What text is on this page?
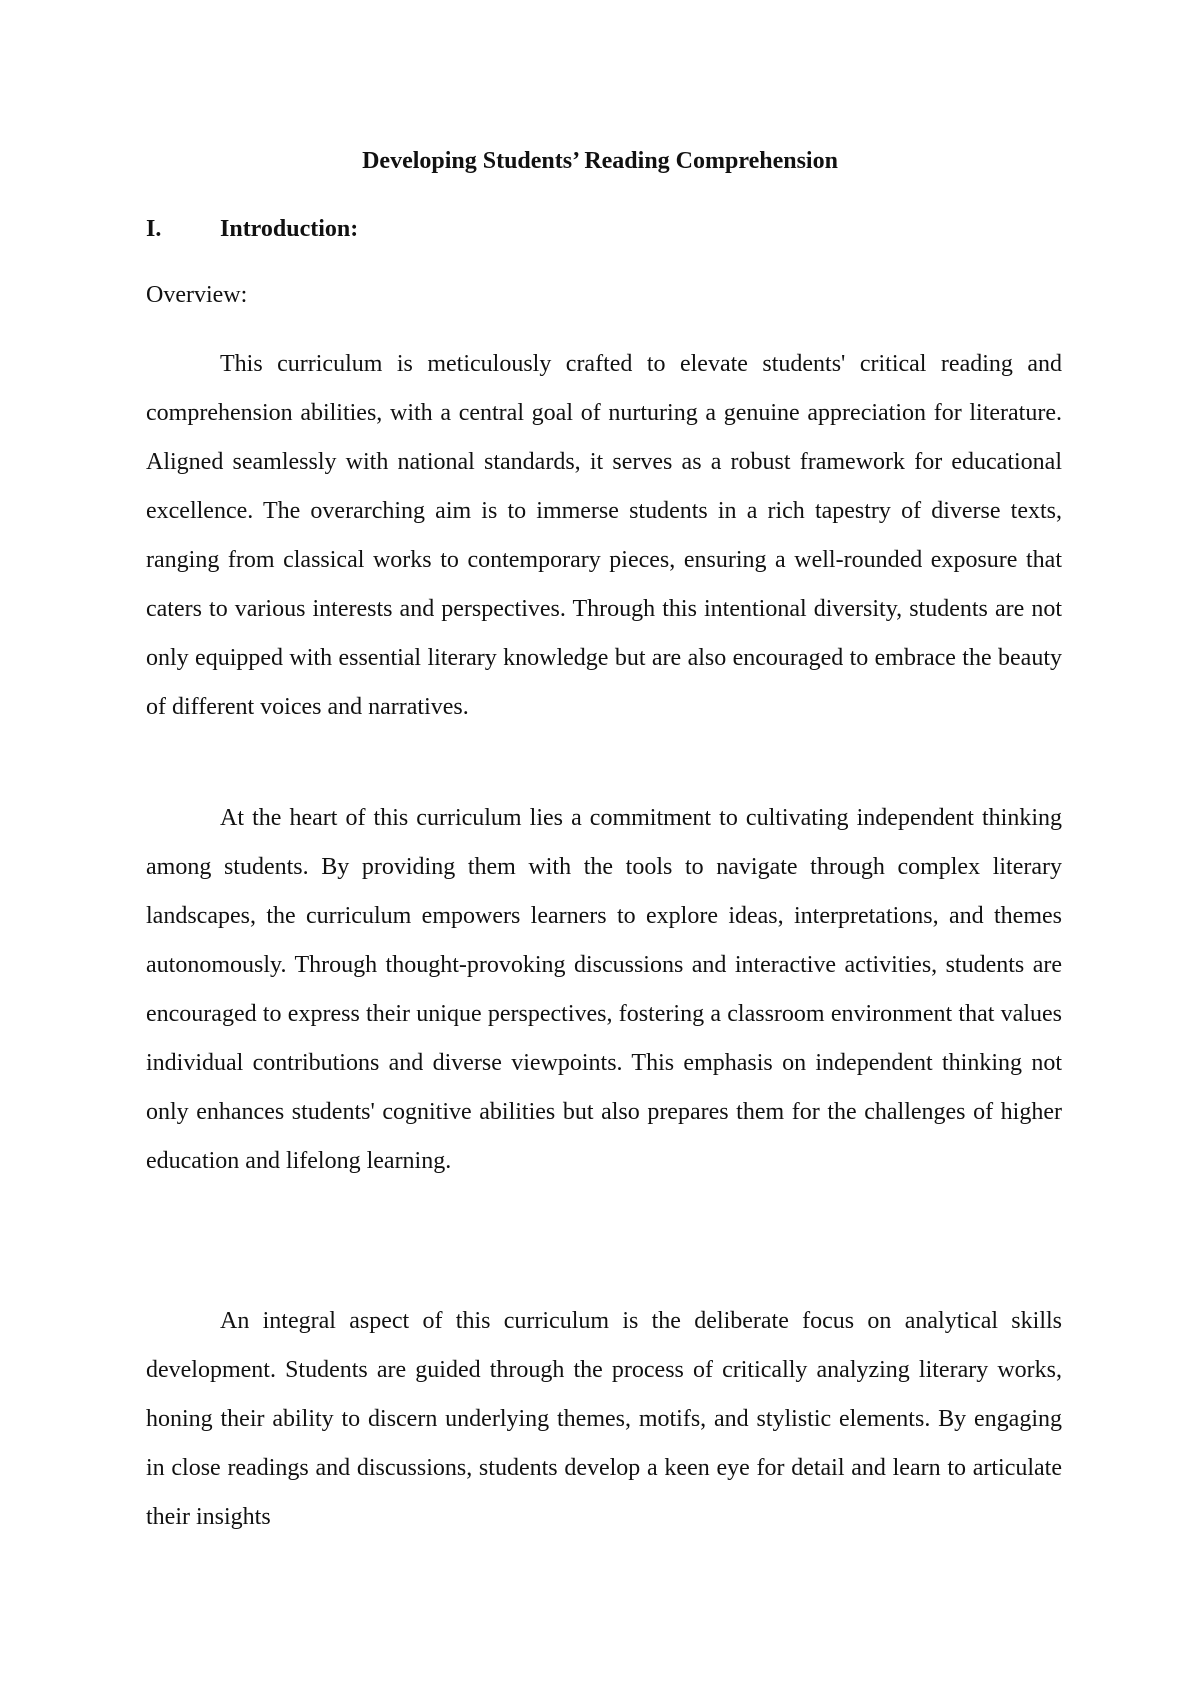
Developing Students’ Reading Comprehension
I.	Introduction:
Overview:

This curriculum is meticulously crafted to elevate students' critical reading and comprehension abilities, with a central goal of nurturing a genuine appreciation for literature. Aligned seamlessly with national standards, it serves as a robust framework for educational excellence. The overarching aim is to immerse students in a rich tapestry of diverse texts, ranging from classical works to contemporary pieces, ensuring a well-rounded exposure that caters to various interests and perspectives. Through this intentional diversity, students are not only equipped with essential literary knowledge but are also encouraged to embrace the beauty of different voices and narratives.

At the heart of this curriculum lies a commitment to cultivating independent thinking among students. By providing them with the tools to navigate through complex literary landscapes, the curriculum empowers learners to explore ideas, interpretations, and themes autonomously. Through thought-provoking discussions and interactive activities, students are encouraged to express their unique perspectives, fostering a classroom environment that values individual contributions and diverse viewpoints. This emphasis on independent thinking not only enhances students' cognitive abilities but also prepares them for the challenges of higher education and lifelong learning.

An integral aspect of this curriculum is the deliberate focus on analytical skills development. Students are guided through the process of critically analyzing literary works, honing their ability to discern underlying themes, motifs, and stylistic elements. By engaging in close readings and discussions, students develop a keen eye for detail and learn to articulate their insights
